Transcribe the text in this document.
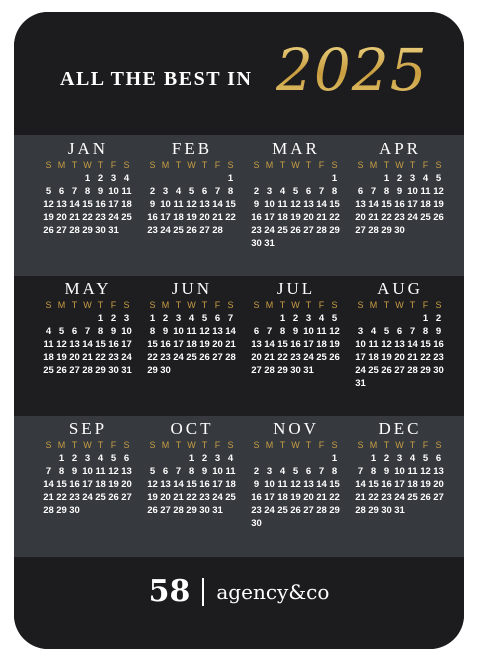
ALL THE BEST IN 2025
JAN
S M T W T F S
1 2 3 4
5 6 7 8 9 10 11
12 13 14 15 16 17 18
19 20 21 22 23 24 25
26 27 28 29 30 31
FEB
S M T W T F S
1
2 3 4 5 6 7 8
9 10 11 12 13 14 15
16 17 18 19 20 21 22
23 24 25 26 27 28
MAR
S M T W T F S
1
2 3 4 5 6 7 8
9 10 11 12 13 14 15
16 17 18 19 20 21 22
23 24 25 26 27 28 29
30 31
APR
S M T W T F S
1 2 3 4 5
6 7 8 9 10 11 12
13 14 15 16 17 18 19
20 21 22 23 24 25 26
27 28 29 30
MAY
S M T W T F S
1 2 3
4 5 6 7 8 9 10
11 12 13 14 15 16 17
18 19 20 21 22 23 24
25 26 27 28 29 30 31
JUN
S M T W T F S
1 2 3 4 5 6 7
8 9 10 11 12 13 14
15 16 17 18 19 20 21
22 23 24 25 26 27 28
29 30
JUL
S M T W T F S
1 2 3 4 5
6 7 8 9 10 11 12
13 14 15 16 17 18 19
20 21 22 23 24 25 26
27 28 29 30 31
AUG
S M T W T F S
1 2
3 4 5 6 7 8 9
10 11 12 13 14 15 16
17 18 19 20 21 22 23
24 25 26 27 28 29 30
31
SEP
S M T W T F S
1 2 3 4 5 6
7 8 9 10 11 12 13
14 15 16 17 18 19 20
21 22 23 24 25 26 27
28 29 30
OCT
S M T W T F S
1 2 3 4
5 6 7 8 9 10 11
12 13 14 15 16 17 18
19 20 21 22 23 24 25
26 27 28 29 30 31
NOV
S M T W T F S
1
2 3 4 5 6 7 8
9 10 11 12 13 14 15
16 17 18 19 20 21 22
23 24 25 26 27 28 29
30
DEC
S M T W T F S
1 2 3 4 5 6
7 8 9 10 11 12 13
14 15 16 17 18 19 20
21 22 23 24 25 26 27
28 29 30 31
58 agency&co
